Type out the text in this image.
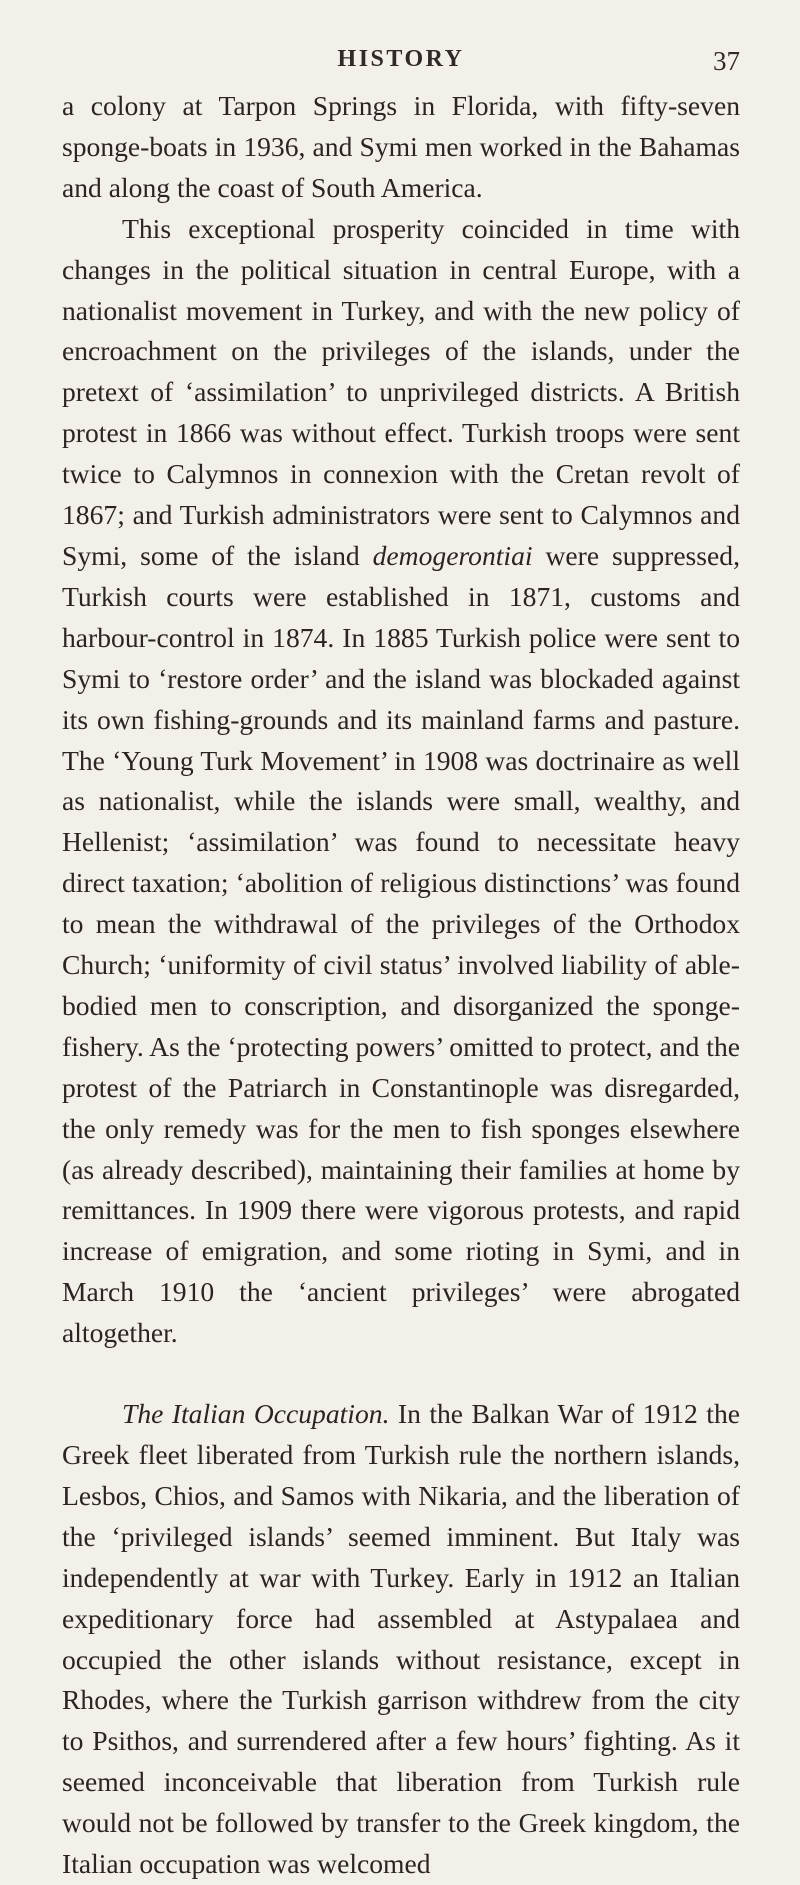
HISTORY	37

a colony at Tarpon Springs in Florida, with fifty-seven sponge-boats in 1936, and Symi men worked in the Bahamas and along the coast of South America.

This exceptional prosperity coincided in time with changes in the political situation in central Europe, with a nationalist movement in Turkey, and with the new policy of encroachment on the privileges of the islands, under the pretext of ‘assimilation’ to unprivileged districts. A British protest in 1866 was without effect. Turkish troops were sent twice to Calymnos in connexion with the Cretan revolt of 1867; and Turkish administrators were sent to Calymnos and Symi, some of the island demogerontiai were suppressed, Turkish courts were established in 1871, customs and harbour-control in 1874. In 1885 Turkish police were sent to Symi to ‘restore order’ and the island was blockaded against its own fishing-grounds and its mainland farms and pasture. The ‘Young Turk Movement’ in 1908 was doctrinaire as well as nationalist, while the islands were small, wealthy, and Hellenist; ‘assimilation’ was found to necessitate heavy direct taxation; ‘abolition of religious distinctions’ was found to mean the withdrawal of the privileges of the Orthodox Church; ‘uniformity of civil status’ involved liability of able-bodied men to conscription, and disorganized the sponge-fishery. As the ‘protecting powers’ omitted to protect, and the protest of the Patriarch in Constantinople was disregarded, the only remedy was for the men to fish sponges elsewhere (as already described), maintaining their families at home by remittances. In 1909 there were vigorous protests, and rapid increase of emigration, and some rioting in Symi, and in March 1910 the ‘ancient privileges’ were abrogated altogether.

The Italian Occupation. In the Balkan War of 1912 the Greek fleet liberated from Turkish rule the northern islands, Lesbos, Chios, and Samos with Nikaria, and the liberation of the ‘privileged islands’ seemed imminent. But Italy was independently at war with Turkey. Early in 1912 an Italian expeditionary force had assembled at Astypalaea and occupied the other islands without resistance, except in Rhodes, where the Turkish garrison withdrew from the city to Psithos, and surrendered after a few hours’ fighting. As it seemed inconceivable that liberation from Turkish rule would not be followed by transfer to the Greek kingdom, the Italian occupation was welcomed
